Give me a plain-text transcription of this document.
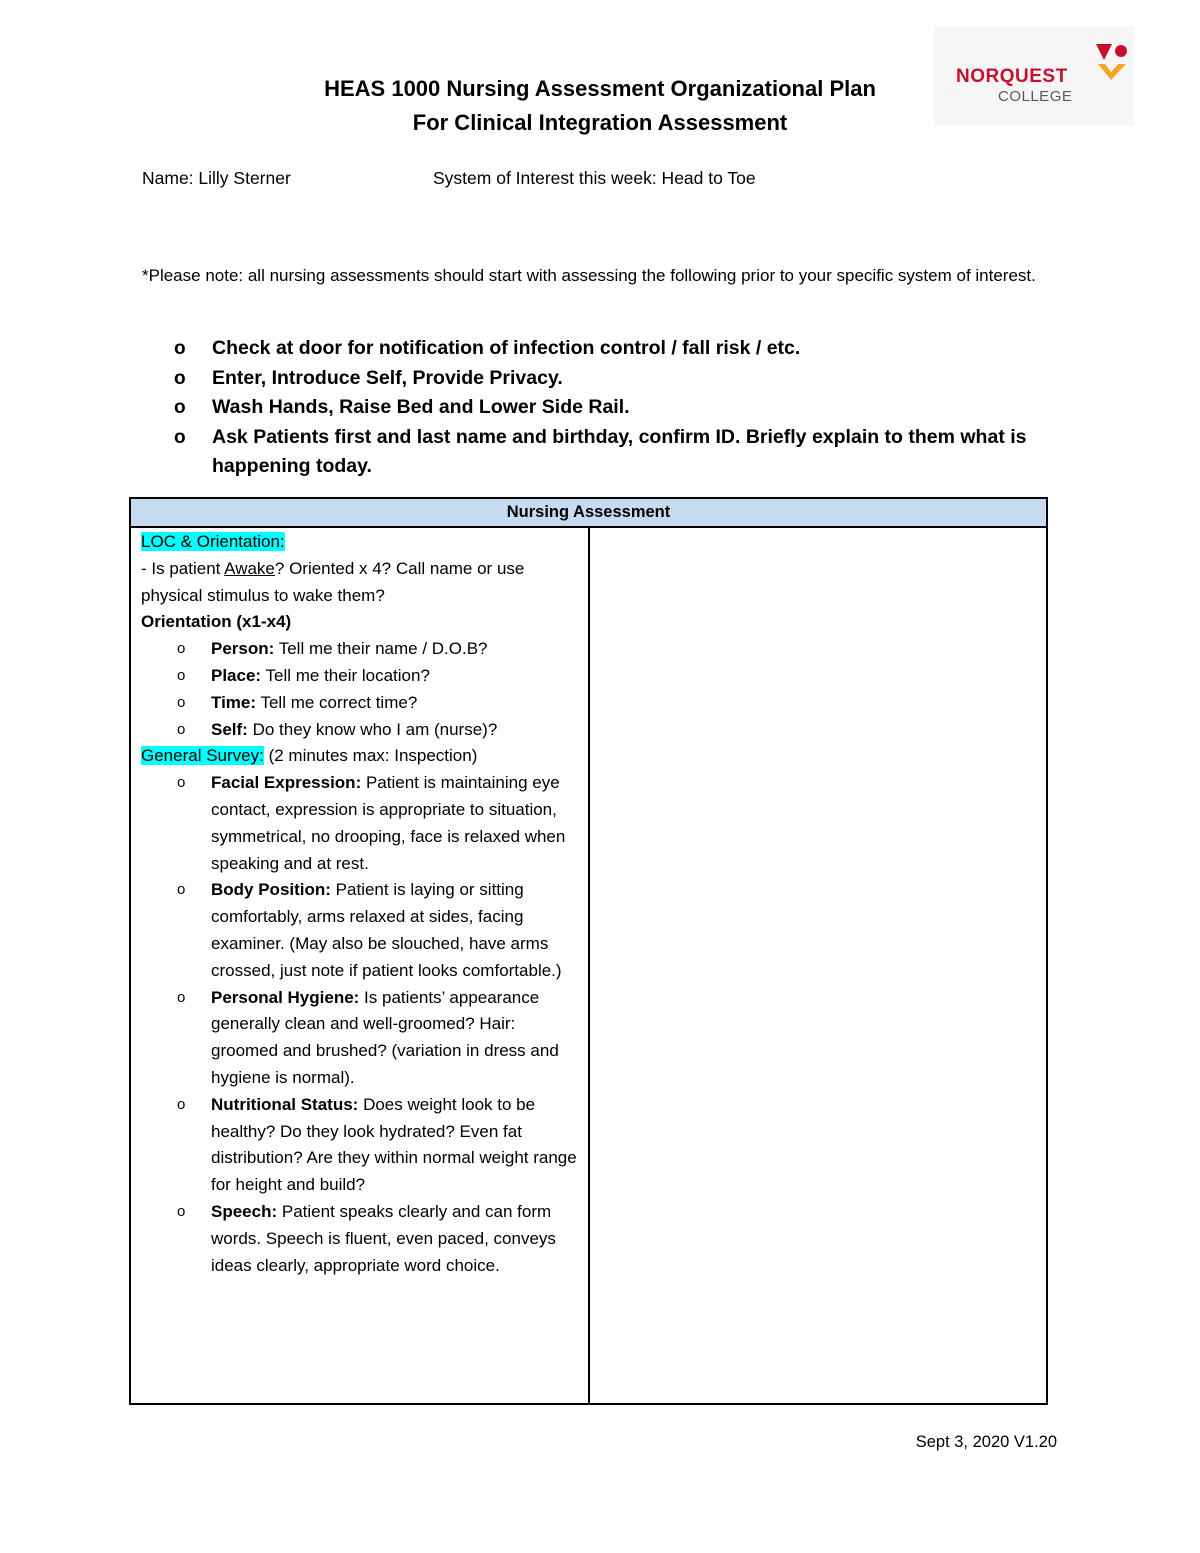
NORQUEST
COLLEGE
HEAS 1000 Nursing Assessment Organizational Plan
For Clinical Integration Assessment
Name: Lilly Sterner	System of Interest this week: Head to Toe
*Please note: all nursing assessments should start with assessing the following prior to your specific system of interest.
o Check at door for notification of infection control / fall risk / etc.
o Enter, Introduce Self, Provide Privacy.
o Wash Hands, Raise Bed and Lower Side Rail.
o Ask Patients first and last name and birthday, confirm ID. Briefly explain to them what is happening today.
Nursing Assessment

LOC & Orientation:

- Is patient Awake? Oriented x 4? Call name or use physical stimulus to wake them?

Orientation (x1-x4)

o Person: Tell me their name / D.O.B?
o Place: Tell me their location?
o Time: Tell me correct time?
o Self: Do they know who I am (nurse)?

General Survey: (2 minutes max: Inspection)

o Facial Expression: Patient is maintaining eye contact, expression is appropriate to situation, symmetrical, no drooping, face is relaxed when speaking and at rest.
o Body Position: Patient is laying or sitting comfortably, arms relaxed at sides, facing examiner. (May also be slouched, have arms crossed, just note if patient looks comfortable.)
o Personal Hygiene: Is patients’ appearance generally clean and well-groomed? Hair: groomed and brushed? (variation in dress and hygiene is normal).
o Nutritional Status: Does weight look to be healthy? Do they look hydrated? Even fat distribution? Are they within normal weight range for height and build?
o Speech: Patient speaks clearly and can form words. Speech is fluent, even paced, conveys ideas clearly, appropriate word choice.
Sept 3, 2020 V1.20
